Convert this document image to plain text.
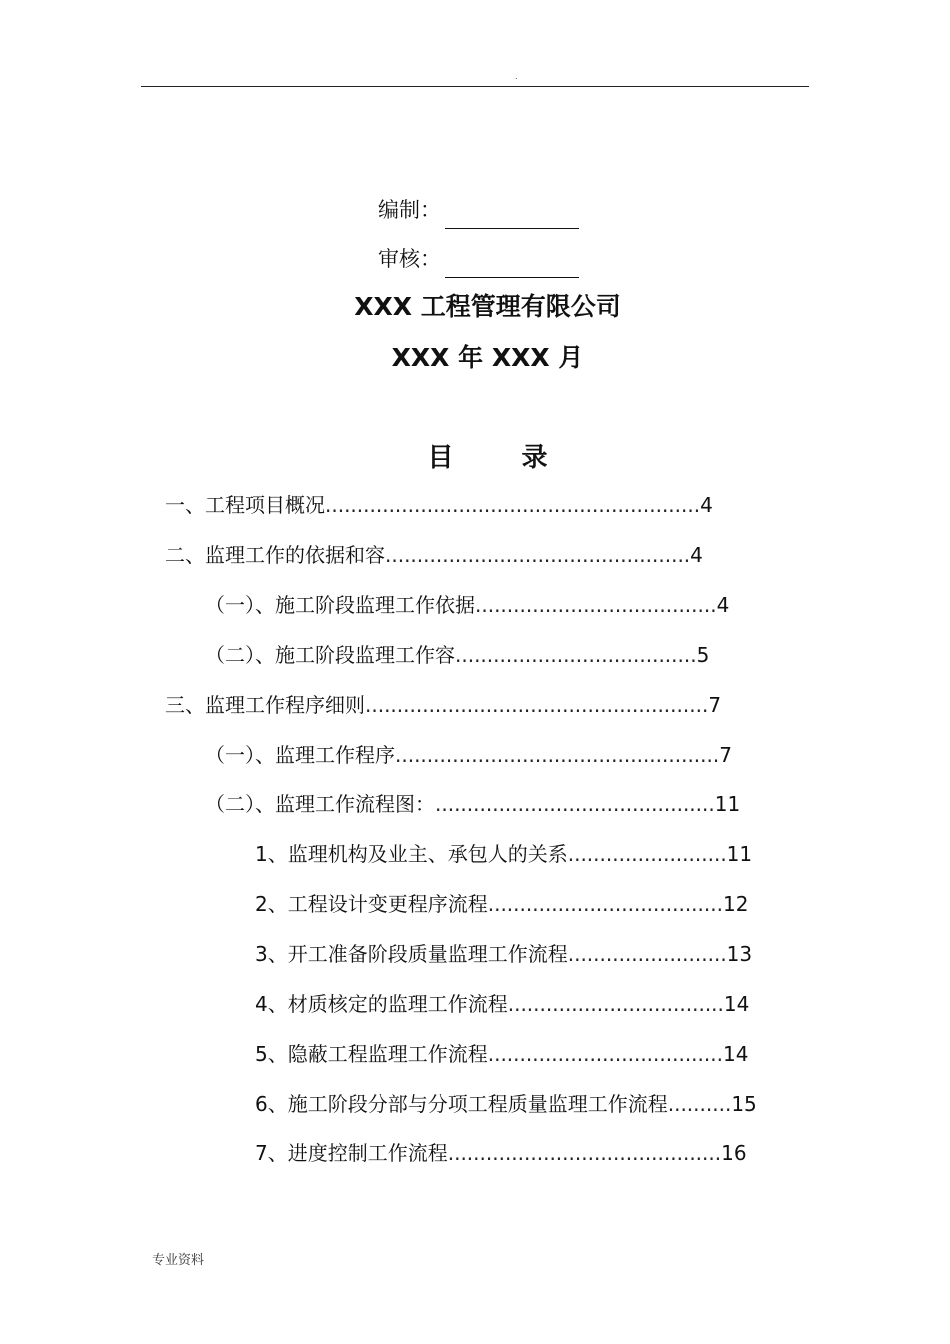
.
编制：
审核：
XXX 工程管理有限公司
XXX 年 XXX 月
目	录
一、工程项目概况...........................................................4
二、监理工作的依据和容................................................4
（一）、施工阶段监理工作依据......................................4
（二）、施工阶段监理工作容......................................5
三、监理工作程序细则......................................................7
（一）、监理工作程序...................................................7
（二）、监理工作流程图：............................................11
1、监理机构及业主、承包人的关系.........................11
2、工程设计变更程序流程.....................................12
3、开工准备阶段质量监理工作流程.........................13
4、材质核定的监理工作流程..................................14
5、隐蔽工程监理工作流程.....................................14
6、施工阶段分部与分项工程质量监理工作流程..........15
7、进度控制工作流程...........................................16
专业资料
